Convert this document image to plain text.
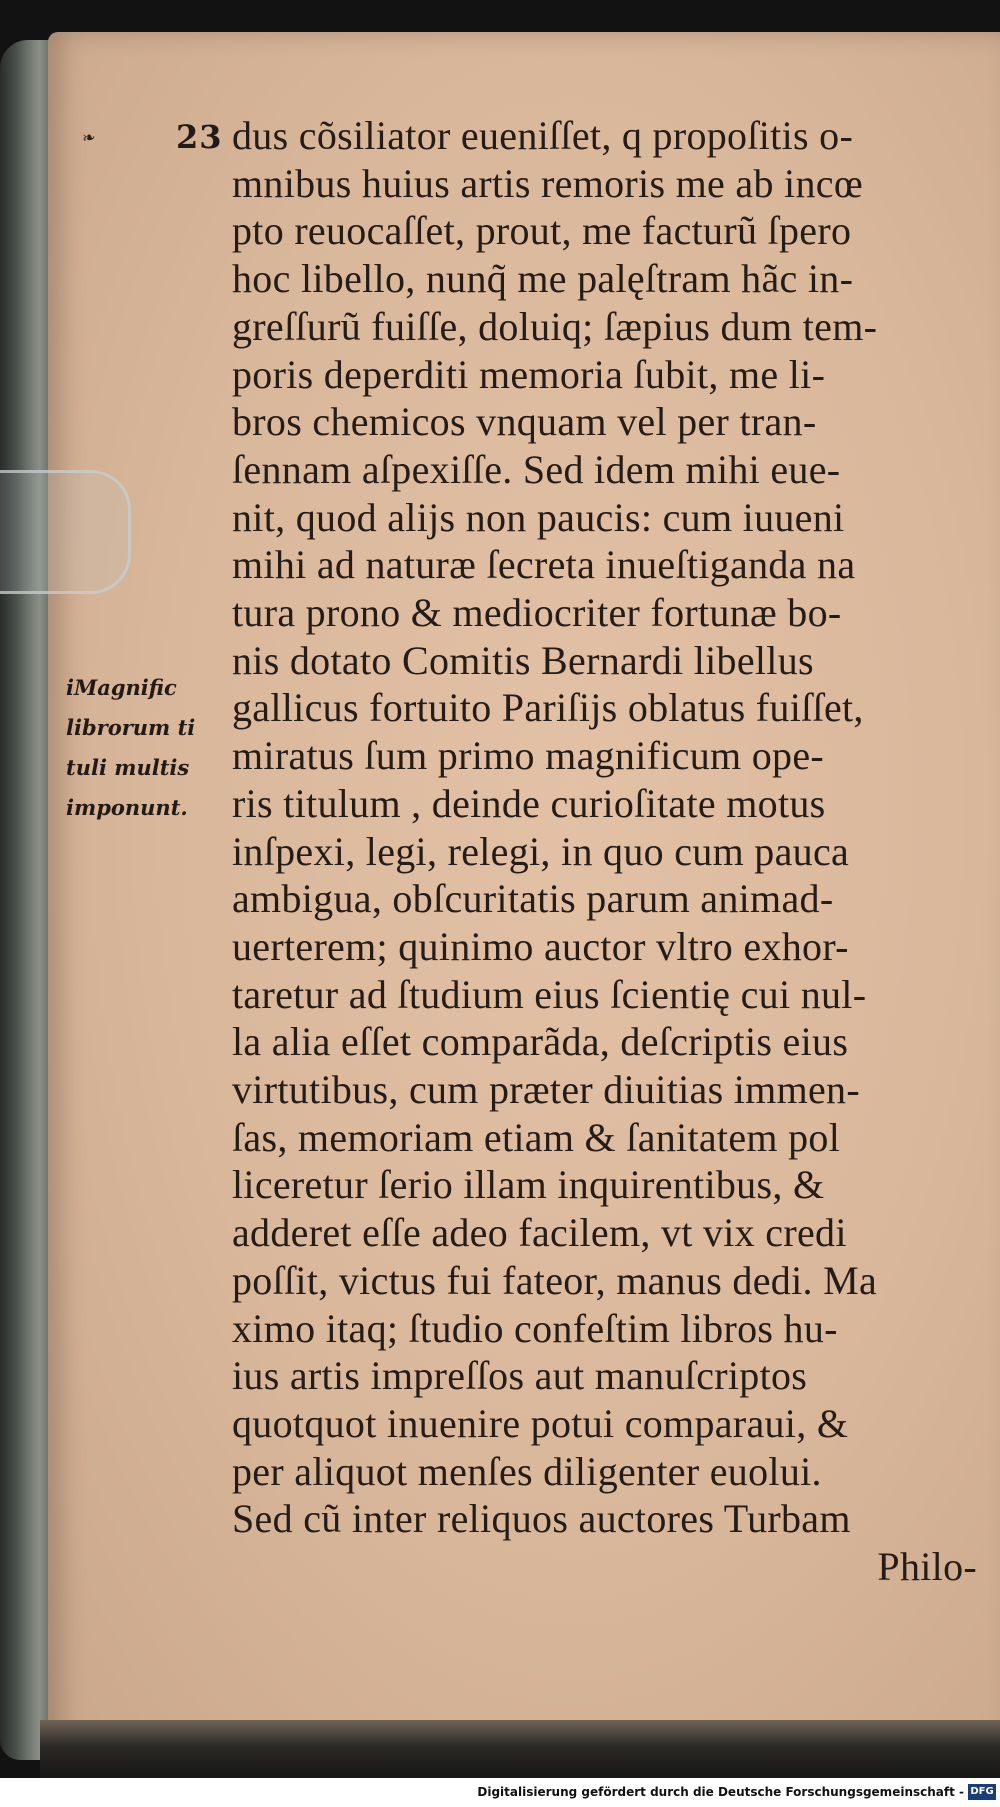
❧ 23
iMagnific
librorum ti
tuli multis
imponunt.
dus cõsiliator eueniſſet, q propoſitis o-
mnibus huius artis remoris me ab incœ
pto reuocaſſet, prout, me facturũ ſpero
hoc libello, nunq̃ me palęſtram hãc in-
greſſurũ fuiſſe, doluiq; ſæpius dum tem-
poris deperditi memoria ſubit, me li-
bros chemicos vnquam vel per tran-
ſennam aſpexiſſe. Sed idem mihi eue-
nit, quod alijs non paucis: cum iuueni
mihi ad naturæ ſecreta inueſtiganda na
tura prono & mediocriter fortunæ bo-
nis dotato Comitis Bernardi libellus
gallicus fortuito Pariſijs oblatus fuiſſet,
miratus ſum primo magnificum ope-
ris titulum , deinde curioſitate motus
inſpexi, legi, relegi, in quo cum pauca
ambigua, obſcuritatis parum animad-
uerterem; quinimo auctor vltro exhor-
taretur ad ſtudium eius ſcientię cui nul-
la alia eſſet comparãda, deſcriptis eius
virtutibus, cum præter diuitias immen-
ſas, memoriam etiam & ſanitatem pol
liceretur ſerio illam inquirentibus, &
adderet eſſe adeo facilem, vt vix credi
poſſit, victus fui fateor, manus dedi. Ma
ximo itaq; ſtudio confeſtim libros hu-
ius artis impreſſos aut manuſcriptos
quotquot inuenire potui comparaui, &
per aliquot menſes diligenter euolui.
Sed cũ inter reliquos auctores Turbam
Philo-
Digitalisierung gefördert durch die Deutsche Forschungsgemeinschaft - DFG
